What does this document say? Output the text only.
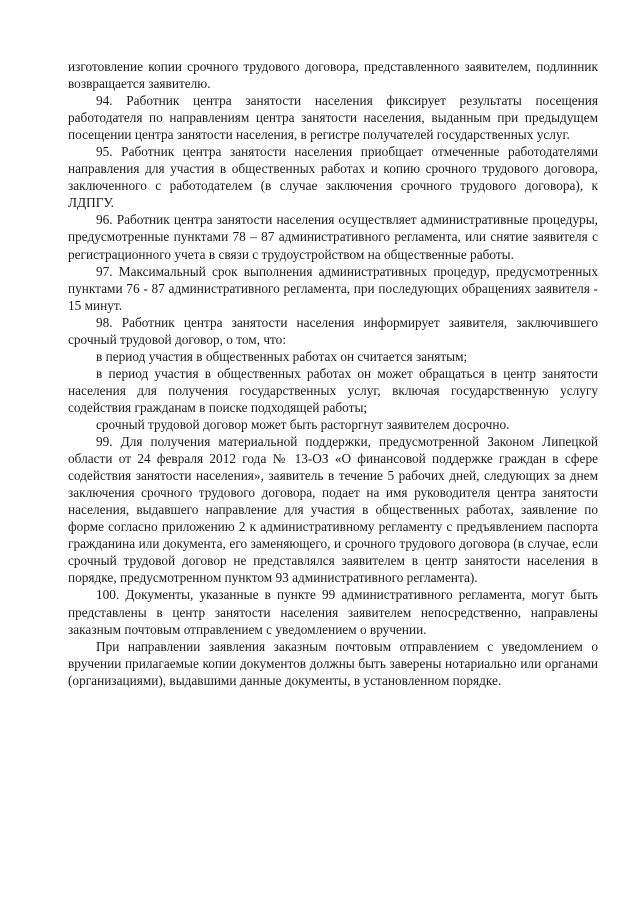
изготовление копии срочного трудового договора, представленного заявителем, подлинник возвращается заявителю.

94. Работник центра занятости населения фиксирует результаты посещения работодателя по направлениям центра занятости населения, выданным при предыдущем посещении центра занятости населения, в регистре получателей государственных услуг.

95. Работник центра занятости населения приобщает отмеченные работодателями направления для участия в общественных работах и копию срочного трудового договора, заключенного с работодателем (в случае заключения срочного трудового договора), к ЛДПГУ.

96. Работник центра занятости населения осуществляет административные процедуры, предусмотренные пунктами 78 – 87 административного регламента, или снятие заявителя с регистрационного учета в связи с трудоустройством на общественные работы.

97. Максимальный срок выполнения административных процедур, предусмотренных пунктами 76 - 87 административного регламента, при последующих обращениях заявителя - 15 минут.

98. Работник центра занятости населения информирует заявителя, заключившего срочный трудовой договор, о том, что:

в период участия в общественных работах он считается занятым;

в период участия в общественных работах он может обращаться в центр занятости населения для получения государственных услуг, включая государственную услугу содействия гражданам в поиске подходящей работы;

срочный трудовой договор может быть расторгнут заявителем досрочно.

99. Для получения материальной поддержки, предусмотренной Законом Липецкой области от 24 февраля 2012 года № 13-ОЗ «О финансовой поддержке граждан в сфере содействия занятости населения», заявитель в течение 5 рабочих дней, следующих за днем заключения срочного трудового договора, подает на имя руководителя центра занятости населения, выдавшего направление для участия в общественных работах, заявление по форме согласно приложению 2 к административному регламенту с предъявлением паспорта гражданина или документа, его заменяющего, и срочного трудового договора (в случае, если срочный трудовой договор не представлялся заявителем в центр занятости населения в порядке, предусмотренном пунктом 93 административного регламента).

100. Документы, указанные в пункте 99 административного регламента, могут быть представлены в центр занятости населения заявителем непосредственно, направлены заказным почтовым отправлением с уведомлением о вручении.

При направлении заявления заказным почтовым отправлением с уведомлением о вручении прилагаемые копии документов должны быть заверены нотариально или органами (организациями), выдавшими данные документы, в установленном порядке.
